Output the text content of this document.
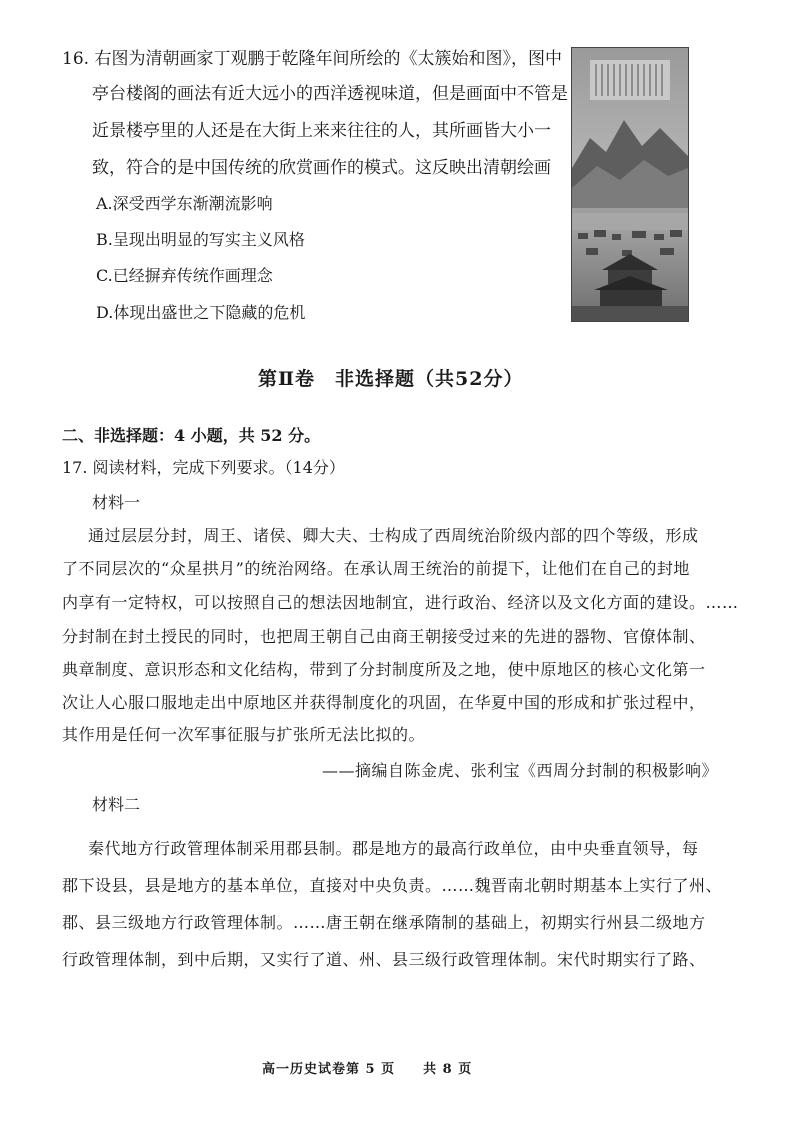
16. 右图为清朝画家丁观鹏于乾隆年间所绘的《太簇始和图》，图中
亭台楼阁的画法有近大远小的西洋透视味道，但是画面中不管是
近景楼亭里的人还是在大街上来来往往的人，其所画皆大小一
致，符合的是中国传统的欣赏画作的模式。这反映出清朝绘画
A.深受西学东渐潮流影响
B.呈现出明显的写实主义风格
C.已经摒弃传统作画理念
D.体现出盛世之下隐藏的危机
第Ⅱ卷　非选择题（共52分）
二、非选择题：4 小题，共 52 分。
17. 阅读材料，完成下列要求。（14分）
材料一
通过层层分封，周王、诸侯、卿大夫、士构成了西周统治阶级内部的四个等级，形成
了不同层次的“众星拱月”的统治网络。在承认周王统治的前提下，让他们在自己的封地
内享有一定特权，可以按照自己的想法因地制宜，进行政治、经济以及文化方面的建设。……
分封制在封土授民的同时，也把周王朝自己由商王朝接受过来的先进的器物、官僚体制、
典章制度、意识形态和文化结构，带到了分封制度所及之地，使中原地区的核心文化第一
次让人心服口服地走出中原地区并获得制度化的巩固，在华夏中国的形成和扩张过程中，
其作用是任何一次军事征服与扩张所无法比拟的。
——摘编自陈金虎、张利宝《西周分封制的积极影响》
材料二
秦代地方行政管理体制采用郡县制。郡是地方的最高行政单位，由中央垂直领导，每
郡下设县，县是地方的基本单位，直接对中央负责。……魏晋南北朝时期基本上实行了州、
郡、县三级地方行政管理体制。……唐王朝在继承隋制的基础上，初期实行州县二级地方
行政管理体制，到中后期，又实行了道、州、县三级行政管理体制。宋代时期实行了路、
高一历史试卷第 5 页　　共 8 页
